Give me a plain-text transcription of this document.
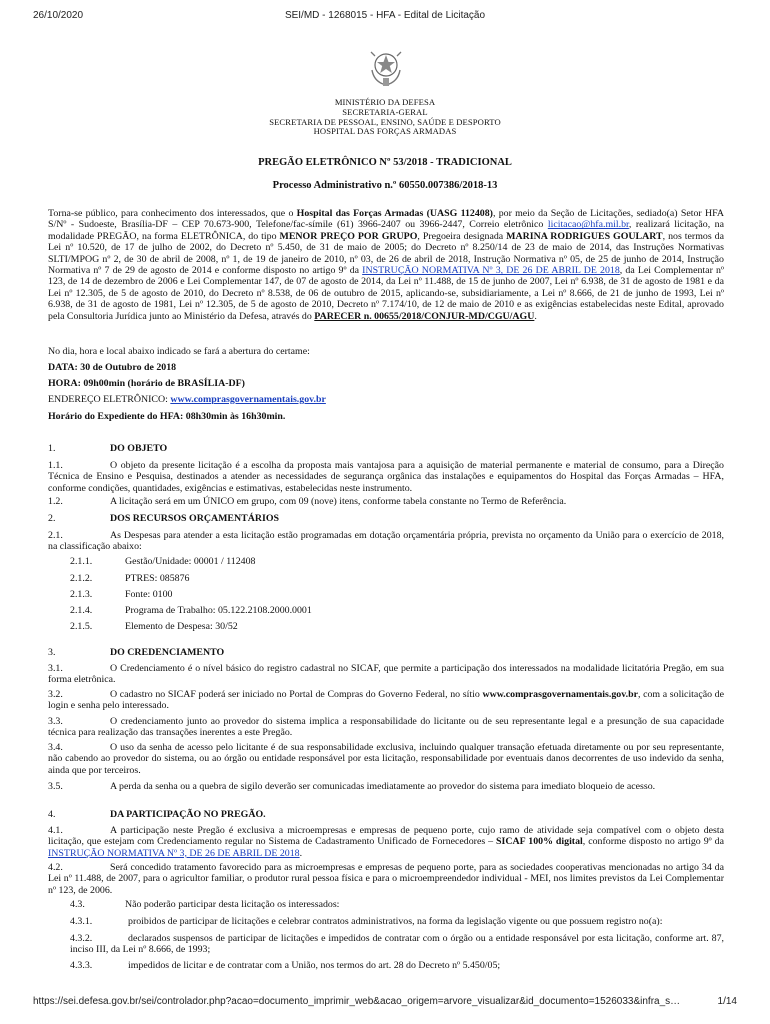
26/10/2020	SEI/MD - 1268015 - HFA - Edital de Licitação
MINISTÉRIO DA DEFESA
SECRETARIA-GERAL
SECRETARIA DE PESSOAL, ENSINO, SAÚDE E DESPORTO
HOSPITAL DAS FORÇAS ARMADAS
PREGÃO ELETRÔNICO Nº 53/2018 - TRADICIONAL
Processo Administrativo n.º 60550.007386/2018-13
Torna-se público, para conhecimento dos interessados, que o Hospital das Forças Armadas (UASG 112408), por meio da Seção de Licitações, sediado(a) Setor HFA S/Nº - Sudoeste, Brasília-DF – CEP 70.673-900, Telefone/fac-símile (61) 3966-2407 ou 3966-2447, Correio eletrônico licitacao@hfa.mil.br, realizará licitação, na modalidade PREGÃO, na forma ELETRÔNICA, do tipo MENOR PREÇO POR GRUPO, Pregoeira designada MARINA RODRIGUES GOULART, nos termos da Lei nº 10.520, de 17 de julho de 2002, do Decreto nº 5.450, de 31 de maio de 2005; do Decreto nº 8.250/14 de 23 de maio de 2014, das Instruções Normativas SLTI/MPOG nº 2, de 30 de abril de 2008, nº 1, de 19 de janeiro de 2010, nº 03, de 26 de abril de 2018, Instrução Normativa nº 05, de 25 de junho de 2014, Instrução Normativa nº 7 de 29 de agosto de 2014 e conforme disposto no artigo 9º da INSTRUÇÃO NORMATIVA Nº 3, DE 26 DE ABRIL DE 2018, da Lei Complementar nº 123, de 14 de dezembro de 2006 e Lei Complementar 147, de 07 de agosto de 2014, da Lei nº 11.488, de 15 de junho de 2007, Lei nº 6.938, de 31 de agosto de 1981 e da Lei nº 12.305, de 5 de agosto de 2010, do Decreto nº 8.538, de 06 de outubro de 2015, aplicando-se, subsidiariamente, a Lei nº 8.666, de 21 de junho de 1993, Lei nº 6.938, de 31 de agosto de 1981, Lei nº 12.305, de 5 de agosto de 2010, Decreto nº 7.174/10, de 12 de maio de 2010 e as exigências estabelecidas neste Edital, aprovado pela Consultoria Jurídica junto ao Ministério da Defesa, através do PARECER n. 00655/2018/CONJUR-MD/CGU/AGU.
No dia, hora e local abaixo indicado se fará a abertura do certame:
DATA: 30 de Outubro de 2018
HORA: 09h00min (horário de BRASÍLIA-DF)
ENDEREÇO ELETRÔNICO: www.comprasgovernamentais.gov.br
Horário do Expediente do HFA: 08h30min às 16h30min.
1.	DO OBJETO
1.1.	O objeto da presente licitação é a escolha da proposta mais vantajosa para a aquisição de material permanente e material de consumo, para a Direção Técnica de Ensino e Pesquisa, destinados a atender as necessidades de segurança orgânica das instalações e equipamentos do Hospital das Forças Armadas – HFA, conforme condições, quantidades, exigências e estimativas, estabelecidas neste instrumento.
1.2.	A licitação será em um ÚNICO em grupo, com 09 (nove) itens, conforme tabela constante no Termo de Referência.
2.	DOS RECURSOS ORÇAMENTÁRIOS
2.1.	As Despesas para atender a esta licitação estão programadas em dotação orçamentária própria, prevista no orçamento da União para o exercício de 2018, na classificação abaixo:
2.1.1.	Gestão/Unidade: 00001 / 112408
2.1.2.	PTRES: 085876
2.1.3.	Fonte: 0100
2.1.4.	Programa de Trabalho: 05.122.2108.2000.0001
2.1.5.	Elemento de Despesa: 30/52
3.	DO CREDENCIAMENTO
3.1.	O Credenciamento é o nível básico do registro cadastral no SICAF, que permite a participação dos interessados na modalidade licitatória Pregão, em sua forma eletrônica.
3.2.	O cadastro no SICAF poderá ser iniciado no Portal de Compras do Governo Federal, no sítio www.comprasgovernamentais.gov.br, com a solicitação de login e senha pelo interessado.
3.3.	O credenciamento junto ao provedor do sistema implica a responsabilidade do licitante ou de seu representante legal e a presunção de sua capacidade técnica para realização das transações inerentes a este Pregão.
3.4.	O uso da senha de acesso pelo licitante é de sua responsabilidade exclusiva, incluindo qualquer transação efetuada diretamente ou por seu representante, não cabendo ao provedor do sistema, ou ao órgão ou entidade responsável por esta licitação, responsabilidade por eventuais danos decorrentes de uso indevido da senha, ainda que por terceiros.
3.5.	A perda da senha ou a quebra de sigilo deverão ser comunicadas imediatamente ao provedor do sistema para imediato bloqueio de acesso.
4.	DA PARTICIPAÇÃO NO PREGÃO.
4.1.	A participação neste Pregão é exclusiva a microempresas e empresas de pequeno porte, cujo ramo de atividade seja compatível com o objeto desta licitação, que estejam com Credenciamento regular no Sistema de Cadastramento Unificado de Fornecedores – SICAF 100% digital, conforme disposto no artigo 9º da INSTRUÇÃO NORMATIVA Nº 3, DE 26 DE ABRIL DE 2018.
4.2.	Será concedido tratamento favorecido para as microempresas e empresas de pequeno porte, para as sociedades cooperativas mencionadas no artigo 34 da Lei nº 11.488, de 2007, para o agricultor familiar, o produtor rural pessoa física e para o microempreendedor individual - MEI, nos limites previstos da Lei Complementar nº 123, de 2006.
4.3.	Não poderão participar desta licitação os interessados:
4.3.1.	proibidos de participar de licitações e celebrar contratos administrativos, na forma da legislação vigente ou que possuem registro no(a):
4.3.2.	declarados suspensos de participar de licitações e impedidos de contratar com o órgão ou a entidade responsável por esta licitação, conforme art. 87, inciso III, da Lei nº 8.666, de 1993;
4.3.3.	impedidos de licitar e de contratar com a União, nos termos do art. 28 do Decreto nº 5.450/05;
https://sei.defesa.gov.br/sei/controlador.php?acao=documento_imprimir_web&acao_origem=arvore_visualizar&id_documento=1526033&infra_s…	1/14
